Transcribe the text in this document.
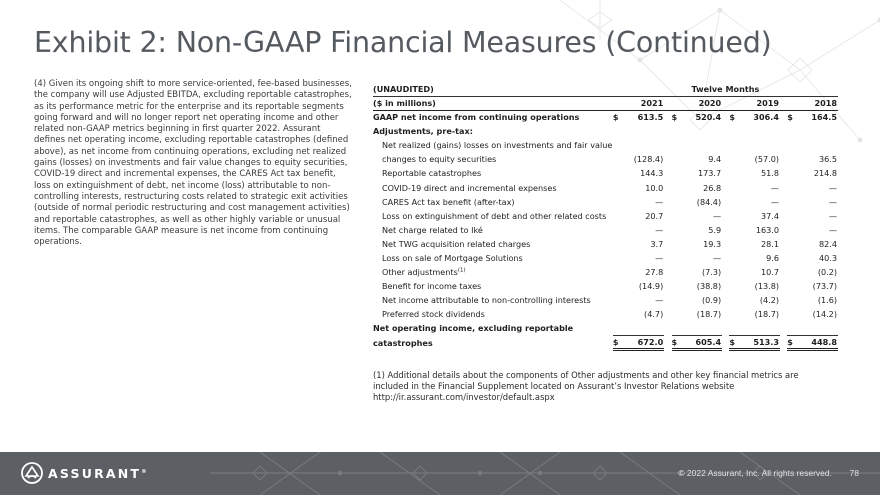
Exhibit 2: Non-GAAP Financial Measures (Continued)

(4) Given its ongoing shift to more service-oriented, fee-based businesses, the company will use Adjusted EBITDA, excluding reportable catastrophes, as its performance metric for the enterprise and its reportable segments going forward and will no longer report net operating income and other related non-GAAP metrics beginning in first quarter 2022. Assurant defines net operating income, excluding reportable catastrophes (defined above), as net income from continuing operations, excluding net realized gains (losses) on investments and fair value changes to equity securities, COVID-19 direct and incremental expenses, the CARES Act tax benefit, loss on extinguishment of debt, net income (loss) attributable to non-controlling interests, restructuring costs related to strategic exit activities (outside of normal periodic restructuring and cost management activities) and reportable catastrophes, as well as other highly variable or unusual items. The comparable GAAP measure is net income from continuing operations.

(UNAUDITED)	Twelve Months										
($ in millions)		2021			2020			2019			2018
GAAP net income from continuing operations	$	613.5		$	520.4		$	306.4		$	164.5
Adjustments, pre-tax:											
Net realized (gains) losses on investments and fair value											
changes to equity securities		(128.4)			9.4			(57.0)			36.5
Reportable catastrophes		144.3			173.7			51.8			214.8
COVID-19 direct and incremental expenses		10.0			26.8			—			—
CARES Act tax benefit (after-tax)		—			(84.4)			—			—
Loss on extinguishment of debt and other related costs		20.7			—			37.4			—
Net charge related to Iké		—			5.9			163.0			—
Net TWG acquisition related charges		3.7			19.3			28.1			82.4
Loss on sale of Mortgage Solutions		—			—			9.6			40.3
Other adjustments$^{(1)}$		27.8			(7.3)			10.7			(0.2)
Benefit for income taxes		(14.9)			(38.8)			(13.8)			(73.7)
Net income attributable to non-controlling interests		—			(0.9)			(4.2)			(1.6)
Preferred stock dividends		(4.7)			(18.7)			(18.7)			(14.2)
Net operating income, excluding reportable											
catastrophes	$	672.0		$	605.4		$	513.3		$	448.8
(1) Additional details about the components of Other adjustments and other key financial metrics are
included in the Financial Supplement located on Assurant’s Investor Relations website
http://ir.assurant.com/investor/default.aspx
ASSURANT®	© 2022 Assurant, Inc. All rights reserved. 78
